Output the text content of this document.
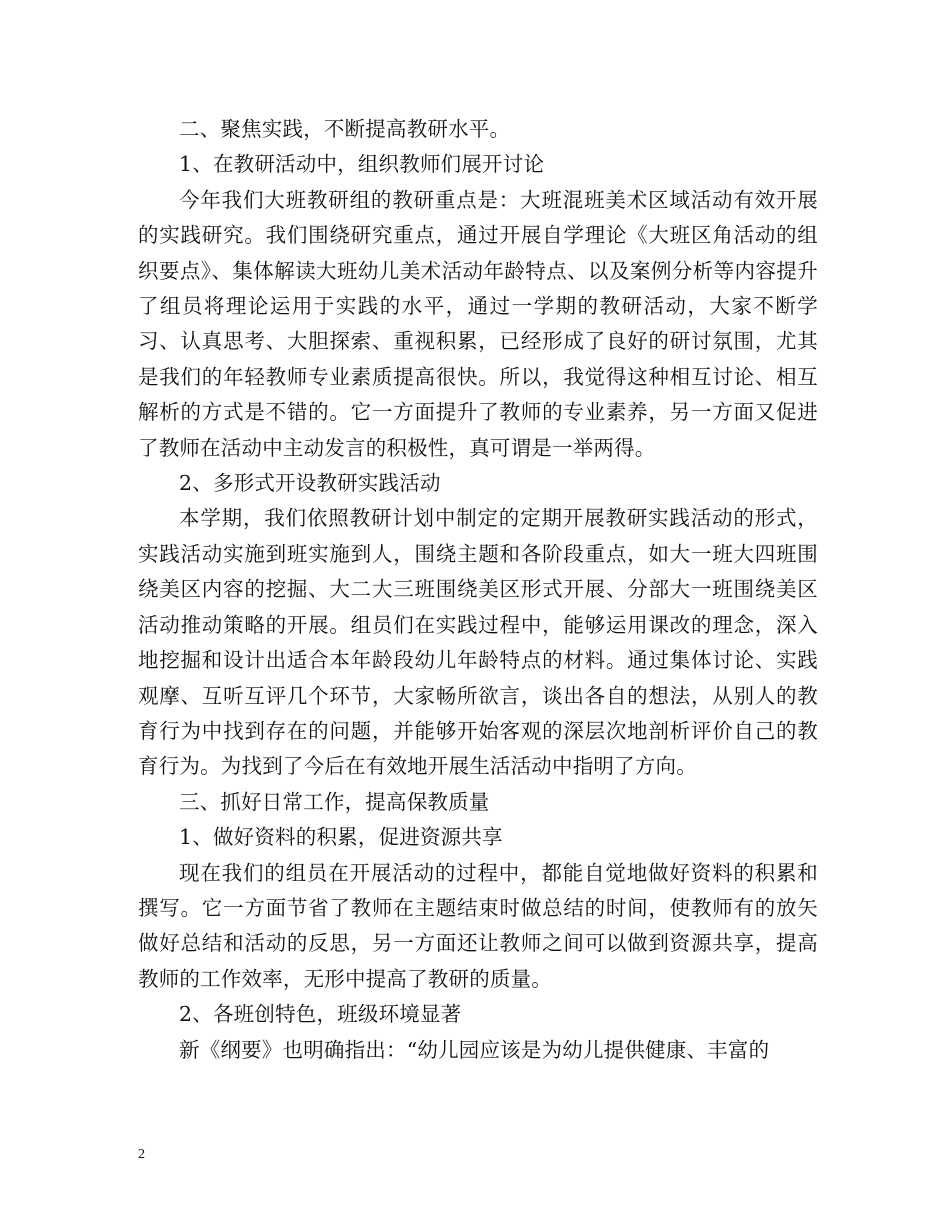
二、聚焦实践，不断提高教研水平。

1、在教研活动中，组织教师们展开讨论

今年我们大班教研组的教研重点是：大班混班美术区域活动有效开展的实践研究。我们围绕研究重点，通过开展自学理论《大班区角活动的组织要点》、集体解读大班幼儿美术活动年龄特点、以及案例分析等内容提升了组员将理论运用于实践的水平，通过一学期的教研活动，大家不断学习、认真思考、大胆探索、重视积累，已经形成了良好的研讨氛围，尤其是我们的年轻教师专业素质提高很快。所以，我觉得这种相互讨论、相互解析的方式是不错的。它一方面提升了教师的专业素养，另一方面又促进了教师在活动中主动发言的积极性，真可谓是一举两得。

2、多形式开设教研实践活动

本学期，我们依照教研计划中制定的定期开展教研实践活动的形式，实践活动实施到班实施到人，围绕主题和各阶段重点，如大一班大四班围绕美区内容的挖掘、大二大三班围绕美区形式开展、分部大一班围绕美区活动推动策略的开展。组员们在实践过程中，能够运用课改的理念，深入地挖掘和设计出适合本年龄段幼儿年龄特点的材料。通过集体讨论、实践观摩、互听互评几个环节，大家畅所欲言，谈出各自的想法，从别人的教育行为中找到存在的问题，并能够开始客观的深层次地剖析评价自己的教育行为。为找到了今后在有效地开展生活活动中指明了方向。

三、抓好日常工作，提高保教质量

1、做好资料的积累，促进资源共享

现在我们的组员在开展活动的过程中，都能自觉地做好资料的积累和撰写。它一方面节省了教师在主题结束时做总结的时间，使教师有的放矢做好总结和活动的反思，另一方面还让教师之间可以做到资源共享，提高教师的工作效率，无形中提高了教研的质量。

2、各班创特色，班级环境显著

新《纲要》也明确指出：“幼儿园应该是为幼儿提供健康、丰富的

2
